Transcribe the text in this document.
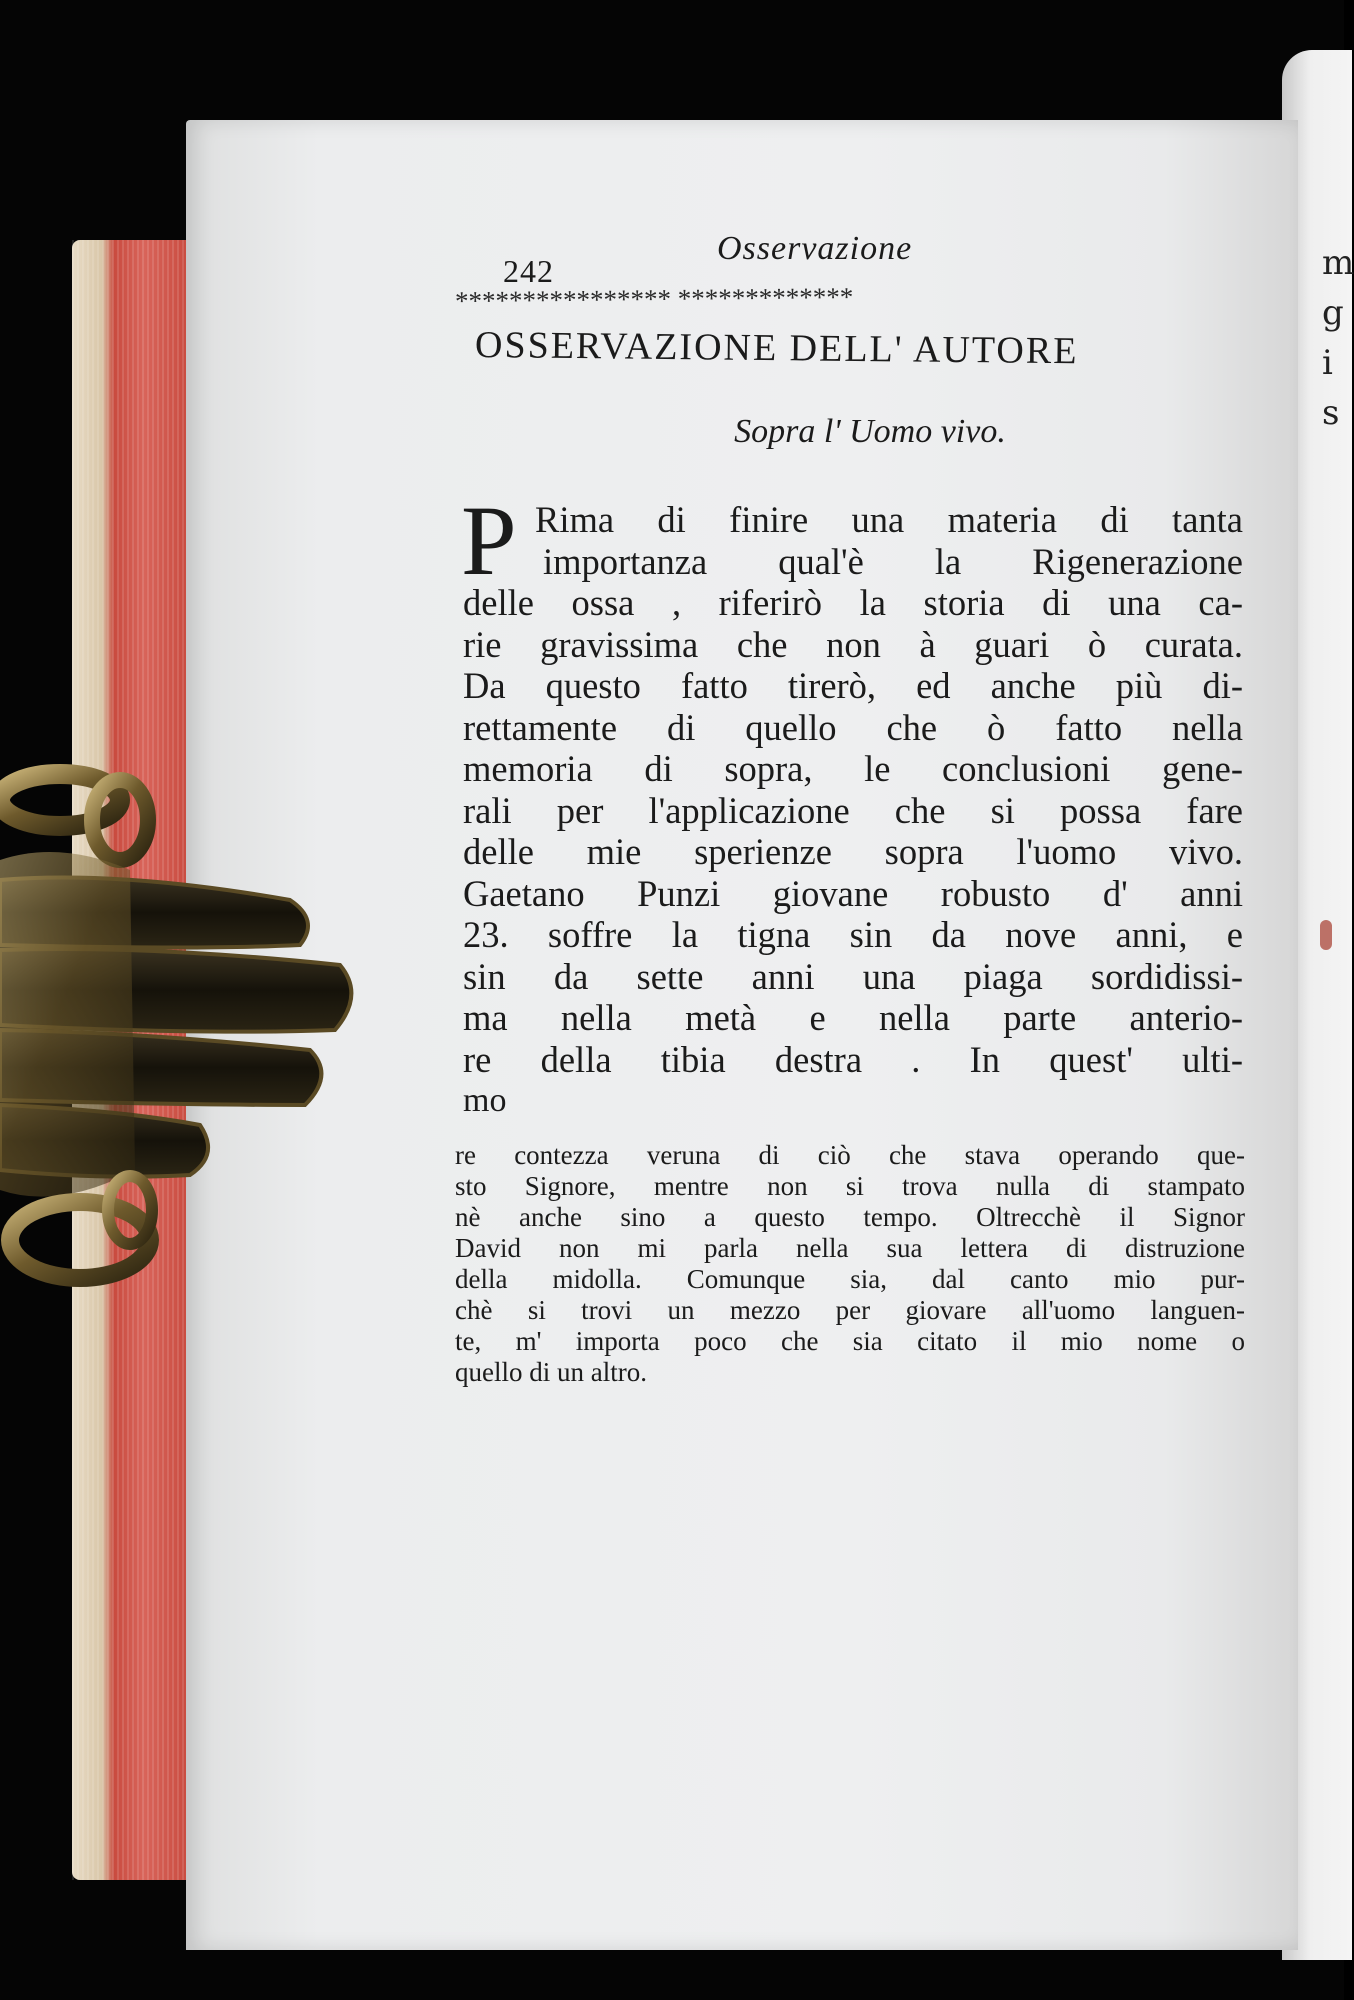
m
g
i
s
242
Osservazione
**************** *************
OSSERVAZIONE DELL' AUTORE
Sopra l' Uomo vivo.
P Rima di finire una materia di tanta
importanza qual'è la Rigenerazione
delle ossa , riferirò la storia di una ca-
rie gravissima che non à guari ò curata.
Da questo fatto tirerò, ed anche più di-
rettamente di quello che ò fatto nella
memoria di sopra, le conclusioni gene-
rali per l'applicazione che si possa fare
delle mie sperienze sopra l'uomo vivo.
Gaetano Punzi giovane robusto d' anni
23. soffre la tigna sin da nove anni, e
sin da sette anni una piaga sordidissi-
ma nella metà e nella parte anterio-
re della tibia destra . In quest' ulti-
mo
re contezza veruna di ciò che stava operando que-
sto Signore, mentre non si trova nulla di stampato
nè anche sino a questo tempo. Oltrecchè il Signor
David non mi parla nella sua lettera di distruzione
della midolla. Comunque sia, dal canto mio pur-
chè si trovi un mezzo per giovare all'uomo languen-
te, m' importa poco che sia citato il mio nome o
quello di un altro.
